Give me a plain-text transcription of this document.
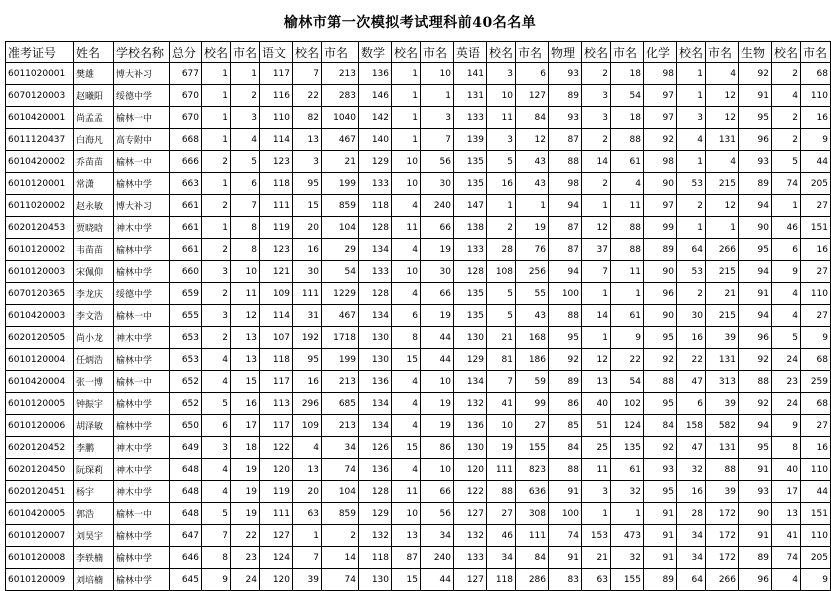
榆林市第一次模拟考试理科前40名名单
准考证号	姓名	学校名称	总分	校名	市名	语文	校名	市名	数学	校名	市名	英语	校名	市名	物理	校名	市名	化学	校名	市名	生物	校名	市名
6011020001	樊雄	博大补习	677	1	1	117	7	213	136	1	10	141	3	6	93	2	18	98	1	4	92	2	68
6070120003	赵曦阳	绥德中学	670	1	2	116	22	283	146	1	1	131	10	127	89	3	54	97	1	12	91	4	110
6010420001	尚孟孟	榆林一中	670	1	3	110	82	1040	142	1	3	133	11	84	93	3	18	97	3	12	95	2	16
6011120437	白海凡	高专附中	668	1	4	114	13	467	140	1	7	139	3	12	87	2	88	92	4	131	96	2	9
6010420002	乔苗苗	榆林一中	666	2	5	123	3	21	129	10	56	135	5	43	88	14	61	98	1	4	93	5	44
6010120001	常潇	榆林中学	663	1	6	118	95	199	133	10	30	135	16	43	98	2	4	90	53	215	89	74	205
6011020002	赵永敏	博大补习	661	2	7	111	15	859	118	4	240	147	1	1	94	1	11	97	2	12	94	1	27
6020120453	贾晓晗	神木中学	661	1	8	119	20	104	128	11	66	138	2	19	87	12	88	99	1	1	90	46	151
6010120002	韦苗苗	榆林中学	661	2	8	123	16	29	134	4	19	133	28	76	87	37	88	89	64	266	95	6	16
6010120003	宋佩仰	榆林中学	660	3	10	121	30	54	133	10	30	128	108	256	94	7	11	90	53	215	94	9	27
6070120365	李龙庆	绥德中学	659	2	11	109	111	1229	128	4	66	135	5	55	100	1	1	96	2	21	91	4	110
6010420003	李文浩	榆林一中	655	3	12	114	31	467	134	6	19	135	5	43	88	14	61	90	30	215	94	4	27
6020120505	尚小龙	神木中学	653	2	13	107	192	1718	130	8	44	130	21	168	95	1	9	95	16	39	96	5	9
6010120004	任炳浩	榆林中学	653	4	13	118	95	199	130	15	44	129	81	186	92	12	22	92	22	131	92	24	68
6010420004	张一博	榆林一中	652	4	15	117	16	213	136	4	10	134	7	59	89	13	54	88	47	313	88	23	259
6010120005	钟振宇	榆林中学	652	5	16	113	296	685	134	4	19	132	41	99	86	40	102	95	6	39	92	24	68
6010120006	胡泽敏	榆林中学	650	6	17	117	109	213	134	4	19	136	10	27	85	51	124	84	158	582	94	9	27
6020120452	李鹏	神木中学	649	3	18	122	4	34	126	15	86	130	19	155	84	25	135	92	47	131	95	8	16
6020120450	阮琛莉	神木中学	648	4	19	120	13	74	136	4	10	120	111	823	88	11	61	93	32	88	91	40	110
6020120451	杨宇	神木中学	648	4	19	119	20	104	128	11	66	122	88	636	91	3	32	95	16	39	93	17	44
6010420005	郭浩	榆林一中	648	5	19	111	63	859	129	10	56	127	27	308	100	1	1	91	28	172	90	13	151
6010120007	刘昊宇	榆林中学	647	7	22	127	1	2	132	13	34	132	46	111	74	153	473	91	34	172	91	41	110
6010120008	李轶楠	榆林中学	646	8	23	124	7	14	118	87	240	133	34	84	91	21	32	91	34	172	89	74	205
6010120009	刘培楠	榆林中学	645	9	24	120	39	74	130	15	44	127	118	286	83	63	155	89	64	266	96	4	9
